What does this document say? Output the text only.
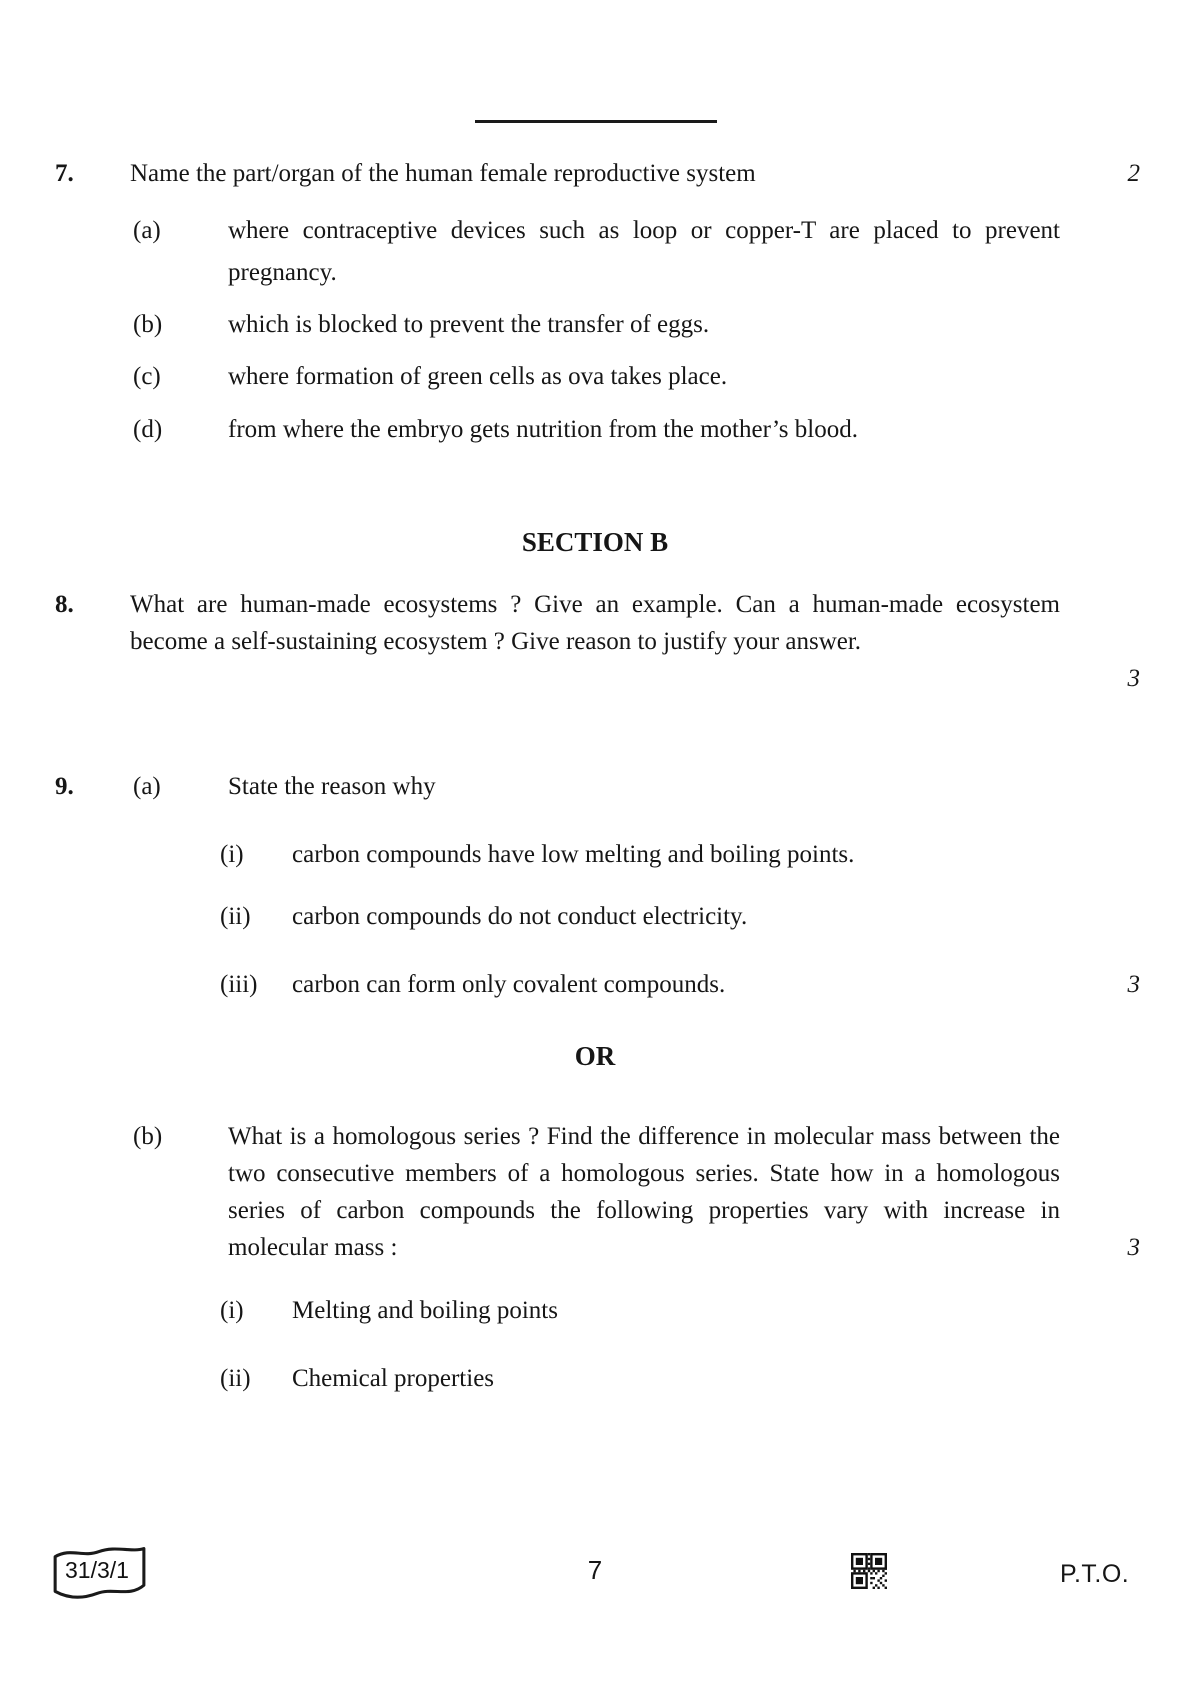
7. Name the part/organ of the human female reproductive system	2
(a)	where contraceptive devices such as loop or copper-T are placed to prevent pregnancy.
(b)	which is blocked to prevent the transfer of eggs.
(c)	where formation of green cells as ova takes place.
(d)	from where the embryo gets nutrition from the mother’s blood.
SECTION B
8. What are human-made ecosystems ? Give an example. Can a human-made ecosystem become a self-sustaining ecosystem ? Give reason to justify your answer.
3
9. (a)	State the reason why
(i) carbon compounds have low melting and boiling points.
(ii) carbon compounds do not conduct electricity.
(iii) carbon can form only covalent compounds.	3
OR
(b)	What is a homologous series ? Find the difference in molecular mass between the two consecutive members of a homologous series. State how in a homologous series of carbon compounds the following properties vary with increase in molecular mass :	3
(i) Melting and boiling points
(ii) Chemical properties
31/3/1	7	P.T.O.
